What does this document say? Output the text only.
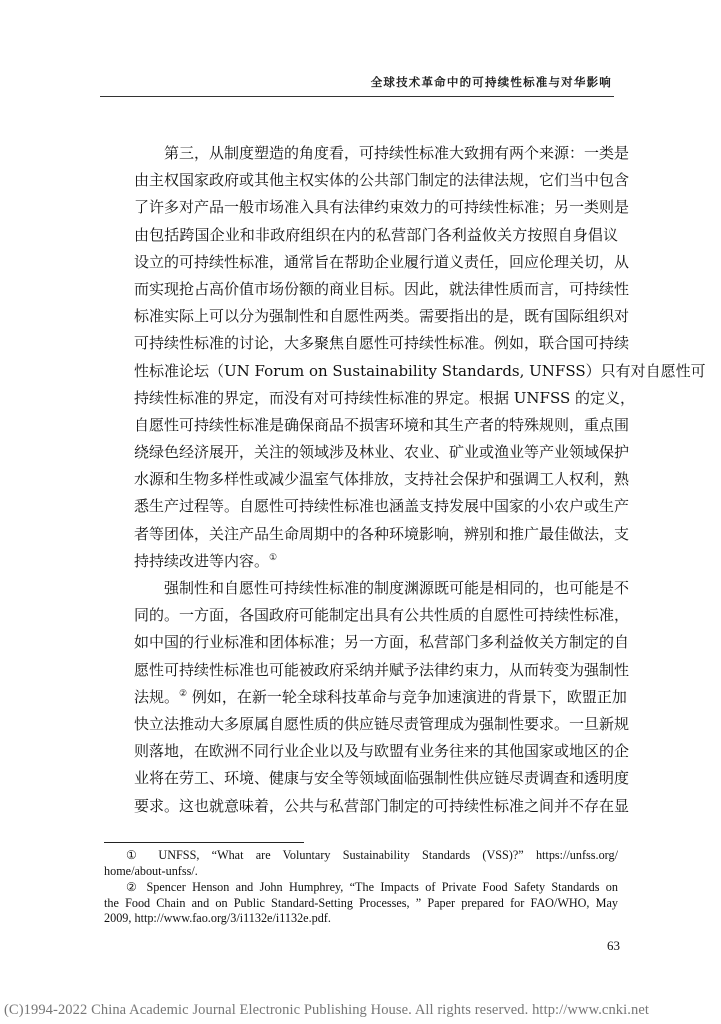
全球技术革命中的可持续性标准与对华影响
第三，从制度塑造的角度看，可持续性标准大致拥有两个来源：一类是
由主权国家政府或其他主权实体的公共部门制定的法律法规，它们当中包含
了许多对产品一般市场准入具有法律约束效力的可持续性标准；另一类则是
由包括跨国企业和非政府组织在内的私营部门各利益攸关方按照自身倡议
设立的可持续性标准，通常旨在帮助企业履行道义责任，回应伦理关切，从
而实现抢占高价值市场份额的商业目标。因此，就法律性质而言，可持续性
标准实际上可以分为强制性和自愿性两类。需要指出的是，既有国际组织对
可持续性标准的讨论，大多聚焦自愿性可持续性标准。例如，联合国可持续
性标准论坛（UN Forum on Sustainability Standards, UNFSS）只有对自愿性可
持续性标准的界定，而没有对可持续性标准的界定。根据 UNFSS 的定义，
自愿性可持续性标准是确保商品不损害环境和其生产者的特殊规则，重点围
绕绿色经济展开，关注的领域涉及林业、农业、矿业或渔业等产业领域保护
水源和生物多样性或减少温室气体排放，支持社会保护和强调工人权利，熟
悉生产过程等。自愿性可持续性标准也涵盖支持发展中国家的小农户或生产
者等团体，关注产品生命周期中的各种环境影响，辨别和推广最佳做法，支
持持续改进等内容。①
强制性和自愿性可持续性标准的制度渊源既可能是相同的，也可能是不
同的。一方面，各国政府可能制定出具有公共性质的自愿性可持续性标准，
如中国的行业标准和团体标准；另一方面，私营部门多利益攸关方制定的自
愿性可持续性标准也可能被政府采纳并赋予法律约束力，从而转变为强制性
法规。② 例如，在新一轮全球科技革命与竞争加速演进的背景下，欧盟正加
快立法推动大多原属自愿性质的供应链尽责管理成为强制性要求。一旦新规
则落地，在欧洲不同行业企业以及与欧盟有业务往来的其他国家或地区的企
业将在劳工、环境、健康与安全等领域面临强制性供应链尽责调查和透明度
要求。这也就意味着，公共与私营部门制定的可持续性标准之间并不存在显
① UNFSS, “What are Voluntary Sustainability Standards (VSS)?” https://unfss.org/
home/about-unfss/.
② Spencer Henson and John Humphrey, “The Impacts of Private Food Safety Standards on
the Food Chain and on Public Standard-Setting Processes, ” Paper prepared for FAO/WHO, May
2009, http://www.fao.org/3/i1132e/i1132e.pdf.
63
(C)1994-2022 China Academic Journal Electronic Publishing House. All rights reserved. http://www.cnki.net
